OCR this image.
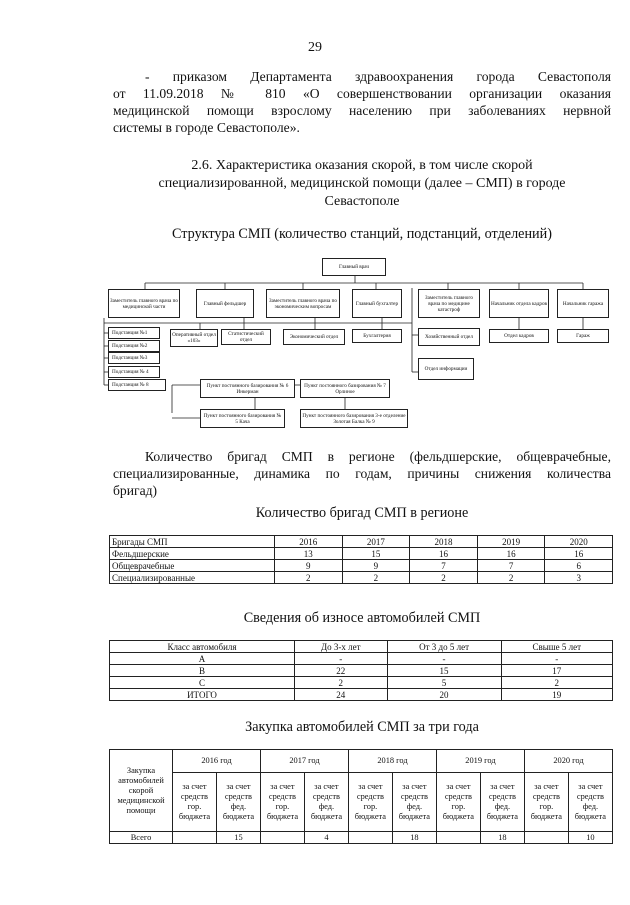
29
- приказом Департамента здравоохранения города Севастополя
от 11.09.2018 № 810 «О совершенствовании организации оказания
медицинской помощи взрослому населению при заболеваниях нервной
системы в городе Севастополе».
2.6. Характеристика оказания скорой, в том числе скорой
специализированной, медицинской помощи (далее – СМП) в городе
Севастополе
Структура СМП (количество станций, подстанций, отделений)
Главный врач
Заместитель главного врача по медицинской части	Главный фельдшер	Заместитель главного врача по экономическим вопросам	Главный бухгалтер
Заместитель главного врача по медицине катастроф
Начальник отдела кадров	Начальник гаража
Подстанция №1
Подстанция №2
Подстанция №3
Подстанция № 4
Подстанция № 8
Оперативный отдел «103»
Статистический отдел	Экономический отдел	Бухгалтерия	Хозяйственный отдел	Отдел кадров	Гараж
Отдел информации
Пункт постоянного базирования № 6 Инкерман
Пункт постоянного базирования № 7 Орлиное
Пункт постоянного базирования № 5 Кача
Пункт постоянного базирования 3-е отделение Золотая Балка № 9
Количество бригад СМП в регионе (фельдшерские, общеврачебные,
специализированные, динамика по годам, причины снижения количества
бригад)
Количество бригад СМП в регионе
Бригады СМП	2016	2017	2018	2019	2020
Фельдшерские	13	15	16	16	16
Общеврачебные	9	9	7	7	6
Специализированные	2	2	2	2	3
Сведения об износе автомобилей СМП
Класс автомобиля	До 3-х лет	От 3 до 5 лет	Свыше 5 лет
А	-	-	-
В	22	15	17
С	2	5	2
ИТОГО	24	20	19
Закупка автомобилей СМП за три года
Закупка автомобилей скорой медицинской помощи	2016 год		2017 год		2018 год		2019 год		2020 год	
	за счет средств гор. бюджета	за счет средств фед. бюджета	за счет средств гор. бюджета	за счет средств фед. бюджета	за счет средств гор. бюджета	за счет средств фед. бюджета	за счет средств гор. бюджета	за счет средств фед. бюджета	за счет средств гор. бюджета	за счет средств фед. бюджета
Всего		15		4		18		18		10
